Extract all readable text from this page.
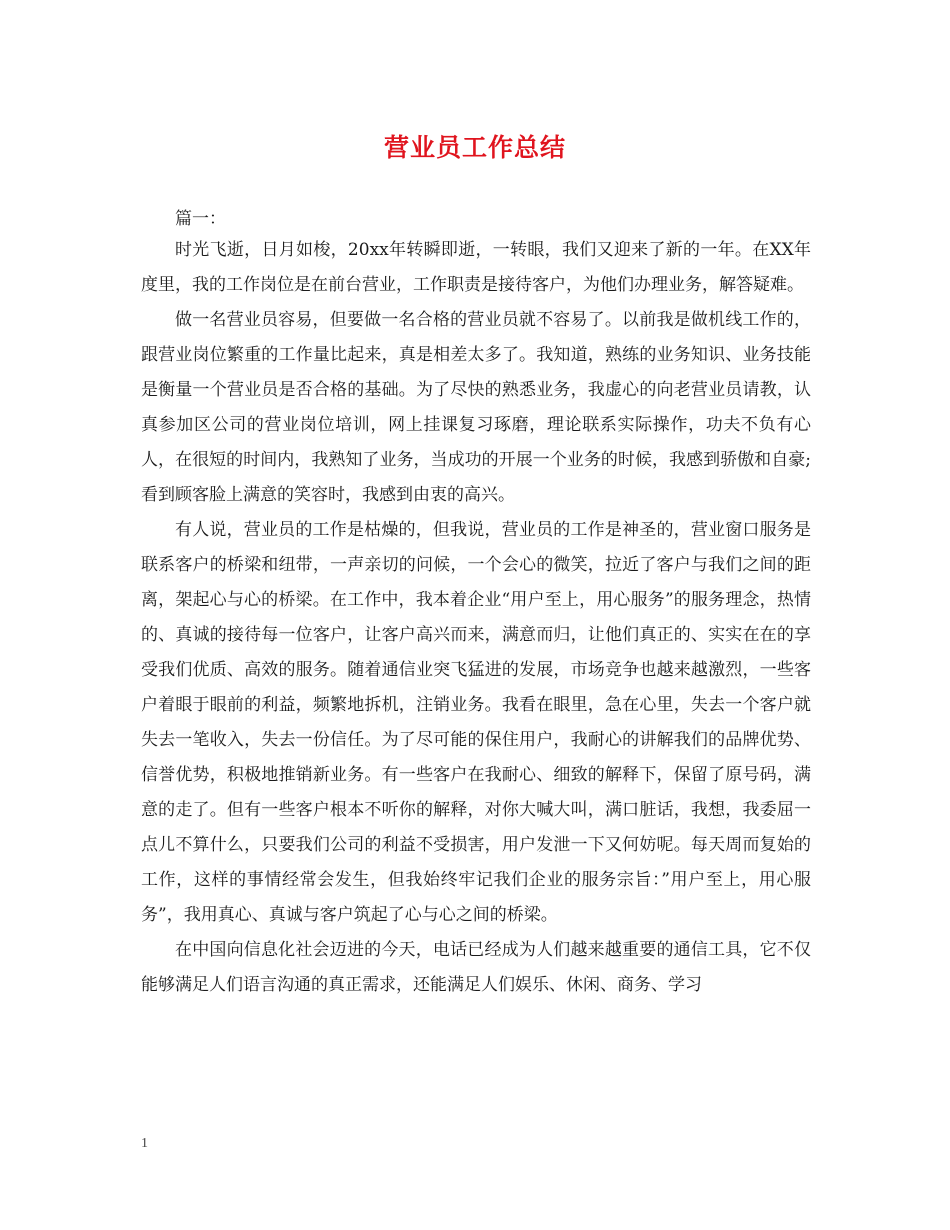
营业员工作总结
篇一：

时光飞逝，日月如梭，20xx年转瞬即逝，一转眼，我们又迎来了新的一年。在XX年度里，我的工作岗位是在前台营业，工作职责是接待客户，为他们办理业务，解答疑难。

做一名营业员容易，但要做一名合格的营业员就不容易了。以前我是做机线工作的，跟营业岗位繁重的工作量比起来，真是相差太多了。我知道，熟练的业务知识、业务技能是衡量一个营业员是否合格的基础。为了尽快的熟悉业务，我虚心的向老营业员请教，认真参加区公司的营业岗位培训，网上挂课复习琢磨，理论联系实际操作，功夫不负有心人，在很短的时间内，我熟知了业务，当成功的开展一个业务的时候，我感到骄傲和自豪;看到顾客脸上满意的笑容时，我感到由衷的高兴。

有人说，营业员的工作是枯燥的，但我说，营业员的工作是神圣的，营业窗口服务是联系客户的桥梁和纽带，一声亲切的问候，一个会心的微笑，拉近了客户与我们之间的距离，架起心与心的桥梁。在工作中，我本着企业“用户至上，用心服务”的服务理念，热情的、真诚的接待每一位客户，让客户高兴而来，满意而归，让他们真正的、实实在在的享受我们优质、高效的服务。随着通信业突飞猛进的发展，市场竞争也越来越激烈，一些客户着眼于眼前的利益，频繁地拆机，注销业务。我看在眼里，急在心里，失去一个客户就失去一笔收入，失去一份信任。为了尽可能的保住用户，我耐心的讲解我们的品牌优势、信誉优势，积极地推销新业务。有一些客户在我耐心、细致的解释下，保留了原号码，满意的走了。但有一些客户根本不听你的解释，对你大喊大叫，满口脏话，我想，我委屈一点儿不算什么，只要我们公司的利益不受损害，用户发泄一下又何妨呢。每天周而复始的工作，这样的事情经常会发生，但我始终牢记我们企业的服务宗旨：”用户至上，用心服务”，我用真心、真诚与客户筑起了心与心之间的桥梁。

在中国向信息化社会迈进的今天，电话已经成为人们越来越重要的通信工具，它不仅能够满足人们语言沟通的真正需求，还能满足人们娱乐、休闲、商务、学习

1
